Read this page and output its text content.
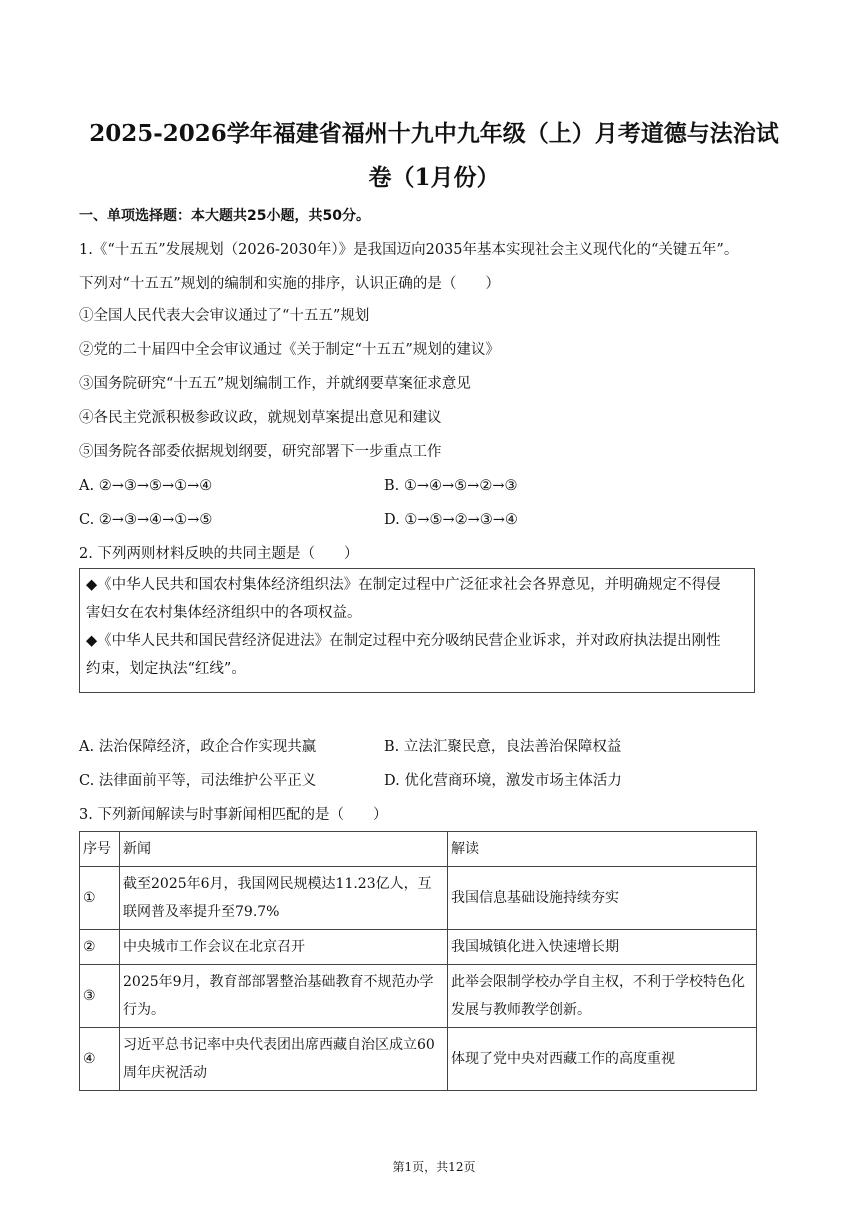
2025-2026学年福建省福州十九中九年级（上）月考道德与法治试卷（1月份）
一、单项选择题：本大题共25小题，共50分。
1.《“十五五”发展规划（2026-2030年）》是我国迈向2035年基本实现社会主义现代化的“关键五年”。
下列对“十五五”规划的编制和实施的排序，认识正确的是（　　）
①全国人民代表大会审议通过了“十五五”规划
②党的二十届四中全会审议通过《关于制定“十五五”规划的建议》
③国务院研究“十五五”规划编制工作，并就纲要草案征求意见
④各民主党派积极参政议政，就规划草案提出意见和建议
⑤国务院各部委依据规划纲要，研究部署下一步重点工作
A. ②→③→⑤→①→④	B. ①→④→⑤→②→③
C. ②→③→④→①→⑤	D. ①→⑤→②→③→④
2. 下列两则材料反映的共同主题是（　　）

◆《中华人民共和国农村集体经济组织法》在制定过程中广泛征求社会各界意见，并明确规定不得侵

害妇女在农村集体经济组织中的各项权益。

◆《中华人民共和国民营经济促进法》在制定过程中充分吸纳民营企业诉求，并对政府执法提出刚性

约束，划定执法“红线”。

A. 法治保障经济，政企合作实现共赢	B. 立法汇聚民意，良法善治保障权益
C. 法律面前平等，司法维护公平正义	D. 优化营商环境，激发市场主体活力
3. 下列新闻解读与时事新闻相匹配的是（　　）
序号	新闻	解读
①	截至2025年6月，我国网民规模达11.23亿人，互联网普及率提升至79.7%	我国信息基础设施持续夯实
②	中央城市工作会议在北京召开	我国城镇化进入快速增长期
③	2025年9月，教育部部署整治基础教育不规范办学行为。	此举会限制学校办学自主权，不利于学校特色化发展与教师教学创新。
④	习近平总书记率中央代表团出席西藏自治区成立60周年庆祝活动	体现了党中央对西藏工作的高度重视
第1页，共12页
